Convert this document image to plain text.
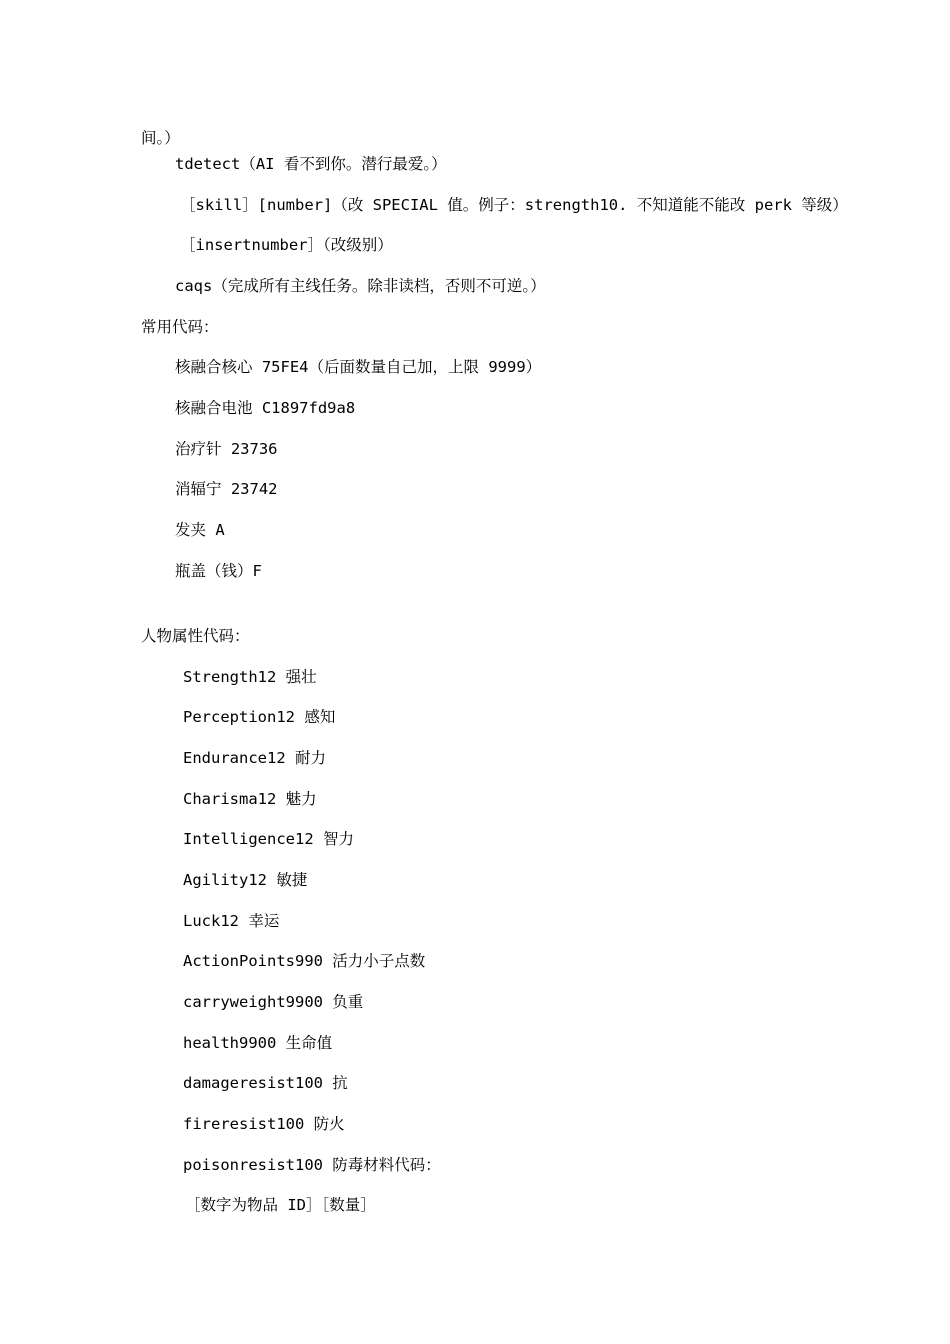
间。）
tdetect（AI 看不到你。潜行最爱。）
［skill］[number]（改 SPECIAL 值。例子：strength10. 不知道能不能改 perk 等级）
［insertnumber］（改级别）
caqs（完成所有主线任务。除非读档，否则不可逆。）
常用代码：
核融合核心 75FE4（后面数量自己加，上限 9999）
核融合电池 C1897fd9a8
治疗针 23736
消辐宁 23742
发夹 A
瓶盖（钱）F
人物属性代码：
Strength12 强壮
Perception12 感知
Endurance12 耐力
Charisma12 魅力
Intelligence12 智力
Agility12 敏捷
Luck12 幸运
ActionPoints990 活力小子点数
carryweight9900 负重
health9900 生命值
damageresist100 抗
fireresist100 防火
poisonresist100 防毒材料代码：
［数字为物品 ID］［数量］
